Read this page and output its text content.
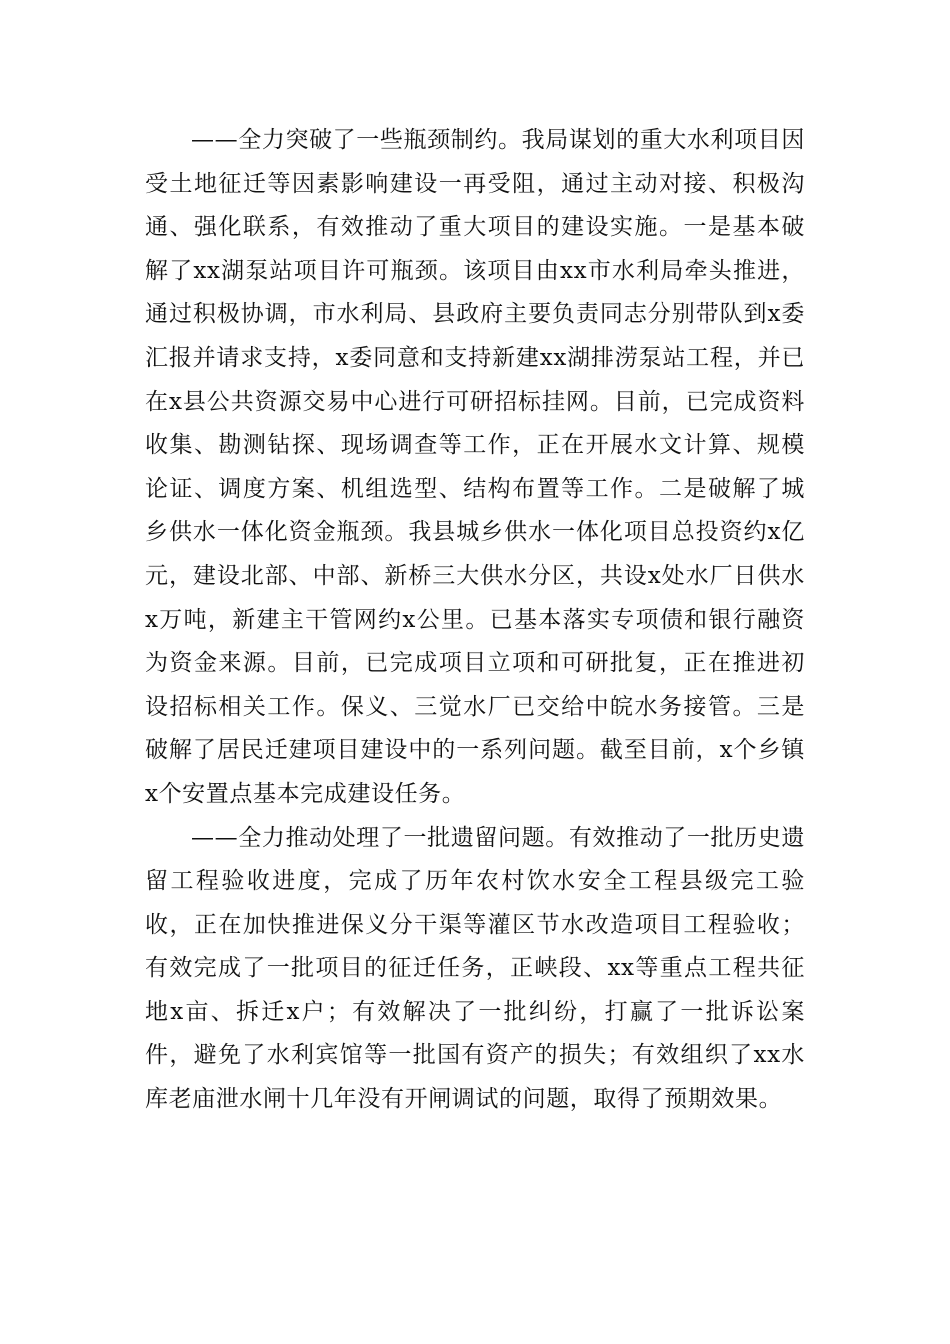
——全力突破了一些瓶颈制约。我局谋划的重大水利项目因受土地征迁等因素影响建设一再受阻，通过主动对接、积极沟通、强化联系，有效推动了重大项目的建设实施。一是基本破解了xx湖泵站项目许可瓶颈。该项目由xx市水利局牵头推进，通过积极协调，市水利局、县政府主要负责同志分别带队到x委汇报并请求支持，x委同意和支持新建xx湖排涝泵站工程，并已在x县公共资源交易中心进行可研招标挂网。目前，已完成资料收集、勘测钻探、现场调查等工作，正在开展水文计算、规模论证、调度方案、机组选型、结构布置等工作。二是破解了城乡供水一体化资金瓶颈。我县城乡供水一体化项目总投资约x亿元，建设北部、中部、新桥三大供水分区，共设x处水厂日供水x万吨，新建主干管网约x公里。已基本落实专项债和银行融资为资金来源。目前，已完成项目立项和可研批复，正在推进初设招标相关工作。保义、三觉水厂已交给中皖水务接管。三是破解了居民迁建项目建设中的一系列问题。截至目前，x个乡镇x个安置点基本完成建设任务。

——全力推动处理了一批遗留问题。有效推动了一批历史遗留工程验收进度，完成了历年农村饮水安全工程县级完工验收，正在加快推进保义分干渠等灌区节水改造项目工程验收；有效完成了一批项目的征迁任务，正峡段、xx等重点工程共征地x亩、拆迁x户；有效解决了一批纠纷，打赢了一批诉讼案件，避免了水利宾馆等一批国有资产的损失；有效组织了xx水库老庙泄水闸十几年没有开闸调试的问题，取得了预期效果。
